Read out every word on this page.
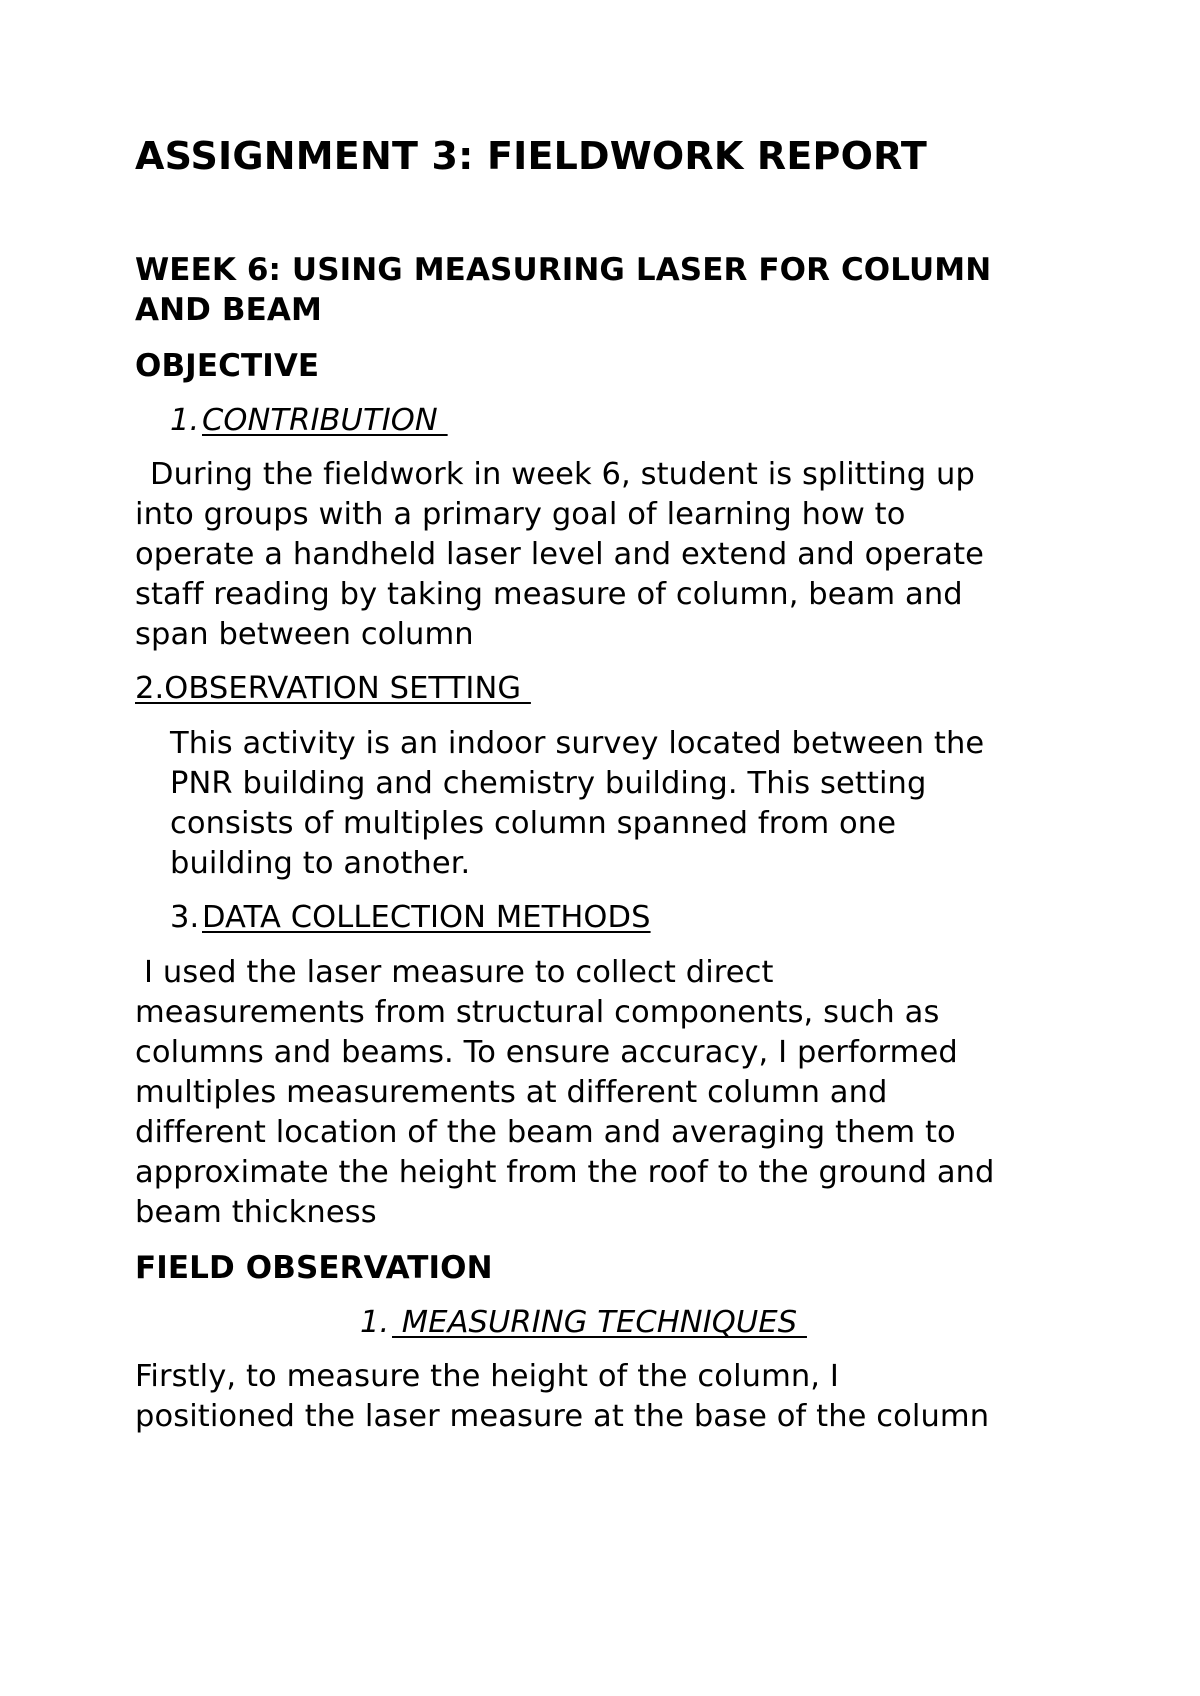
ASSIGNMENT 3: FIELDWORK REPORT
WEEK 6: USING MEASURING LASER FOR COLUMN
AND BEAM
OBJECTIVE
1. CONTRIBUTION
During the fieldwork in week 6, student is splitting up
into groups with a primary goal of learning how to
operate a handheld laser level and extend and operate
staff reading by taking measure of column, beam and
span between column
2.OBSERVATION SETTING
This activity is an indoor survey located between the
PNR building and chemistry building. This setting
consists of multiples column spanned from one
building to another.
3. DATA COLLECTION METHODS
I used the laser measure to collect direct
measurements from structural components, such as
columns and beams. To ensure accuracy, I performed
multiples measurements at different column and
different location of the beam and averaging them to
approximate the height from the roof to the ground and
beam thickness
FIELD OBSERVATION
1. MEASURING TECHNIQUES
Firstly, to measure the height of the column, I
positioned the laser measure at the base of the column
